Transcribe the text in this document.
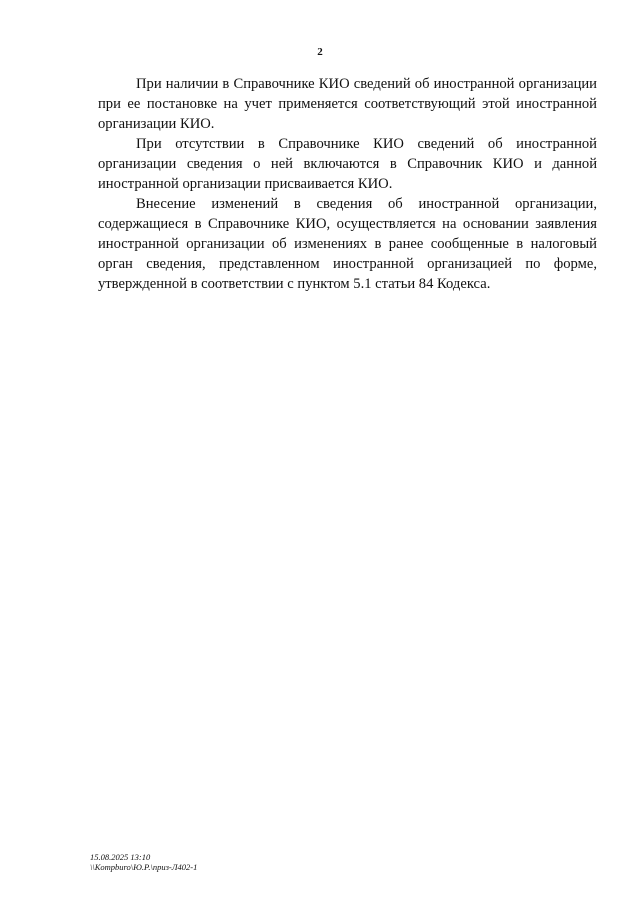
2

При наличии в Справочнике КИО сведений об иностранной организации при ее постановке на учет применяется соответствующий этой иностранной организации КИО.

При отсутствии в Справочнике КИО сведений об иностранной организации сведения о ней включаются в Справочник КИО и данной иностранной организации присваивается КИО.

Внесение изменений в сведения об иностранной организации, содержащиеся в Справочнике КИО, осуществляется на основании заявления иностранной организации об изменениях в ранее сообщенные в налоговый орган сведения, представленном иностранной организацией по форме, утвержденной в соответствии с пунктом 5.1 статьи 84 Кодекса.

15.08.2025 13:10
\\Kompburo\Ю.Р.\приз-Л402-1
